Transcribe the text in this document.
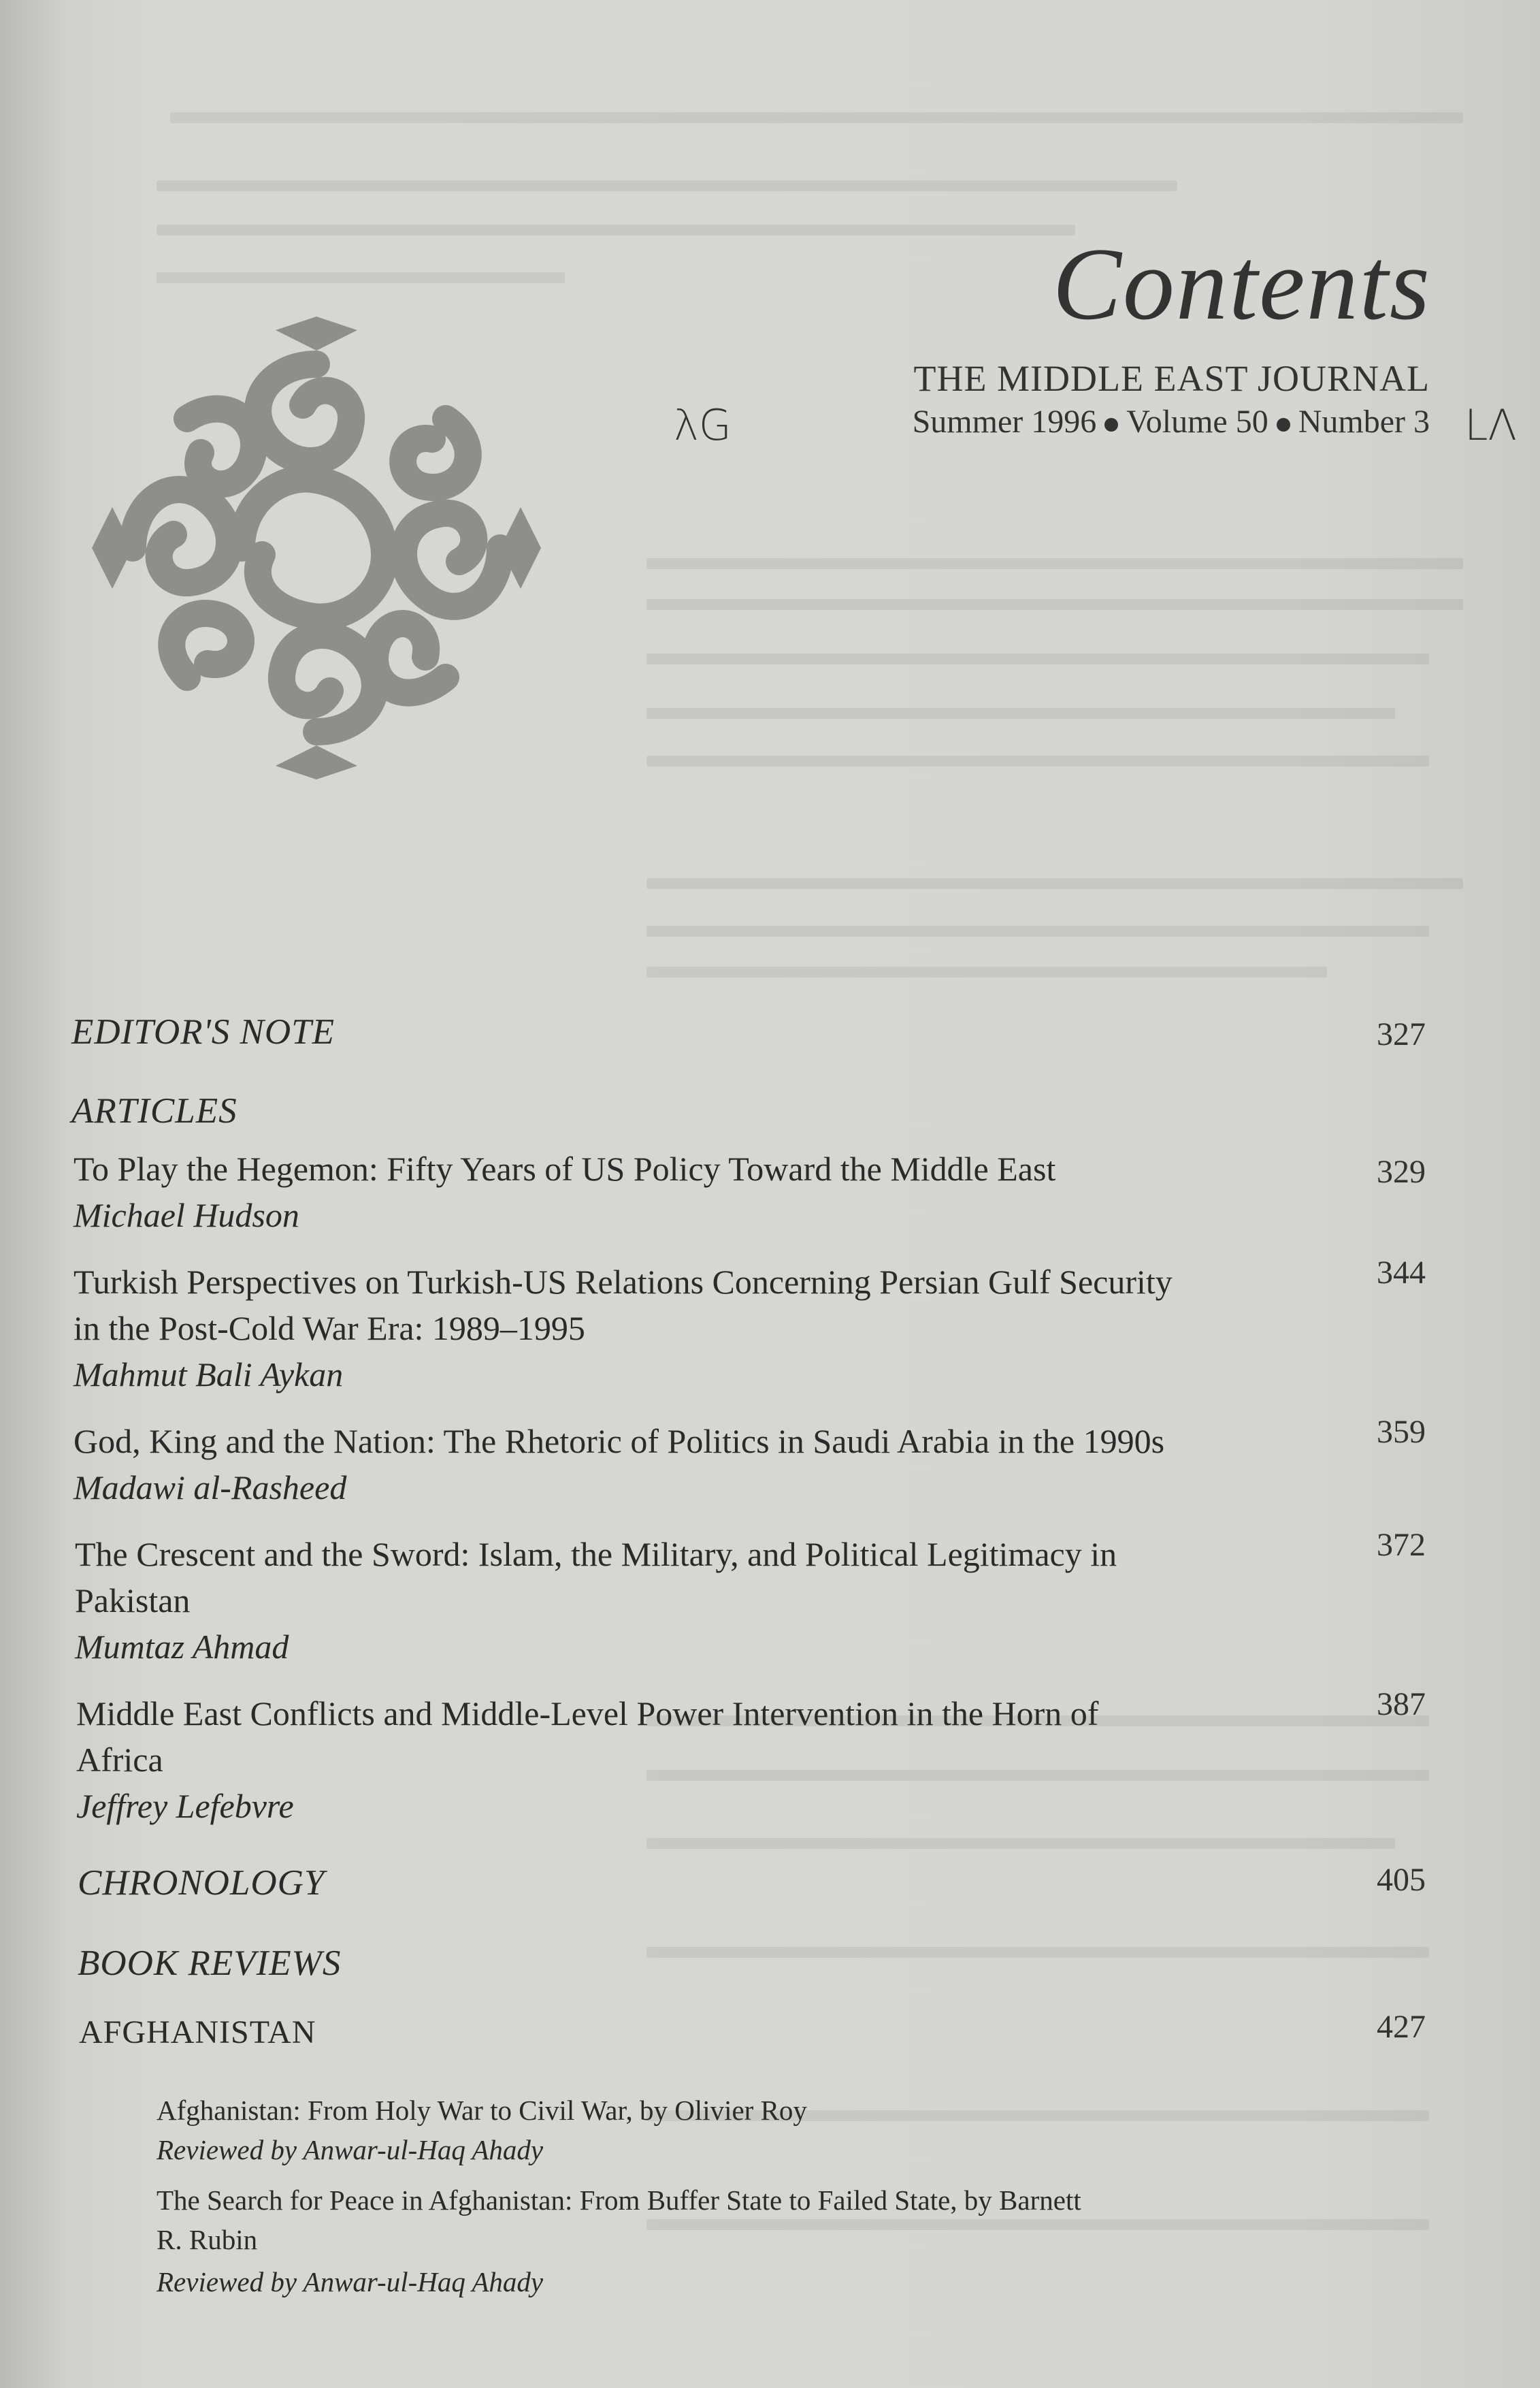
Contents
THE MIDDLE EAST JOURNAL
Summer 1996 Volume 50 Number 3
λG	LΛ
EDITOR'S NOTE	327
ARTICLES
To Play the Hegemon: Fifty Years of US Policy Toward the Middle East	329
Michael Hudson
Turkish Perspectives on Turkish-US Relations Concerning Persian Gulf Security	344
in the Post-Cold War Era: 1989–1995
Mahmut Bali Aykan
God, King and the Nation: The Rhetoric of Politics in Saudi Arabia in the 1990s	359
Madawi al-Rasheed
The Crescent and the Sword: Islam, the Military, and Political Legitimacy in	372
Pakistan
Mumtaz Ahmad
Middle East Conflicts and Middle-Level Power Intervention in the Horn of	387
Africa
Jeffrey Lefebvre
CHRONOLOGY	405
BOOK REVIEWS
AFGHANISTAN	427
Afghanistan: From Holy War to Civil War, by Olivier Roy
Reviewed by Anwar-ul-Haq Ahady
The Search for Peace in Afghanistan: From Buffer State to Failed State, by Barnett
R. Rubin
Reviewed by Anwar-ul-Haq Ahady
